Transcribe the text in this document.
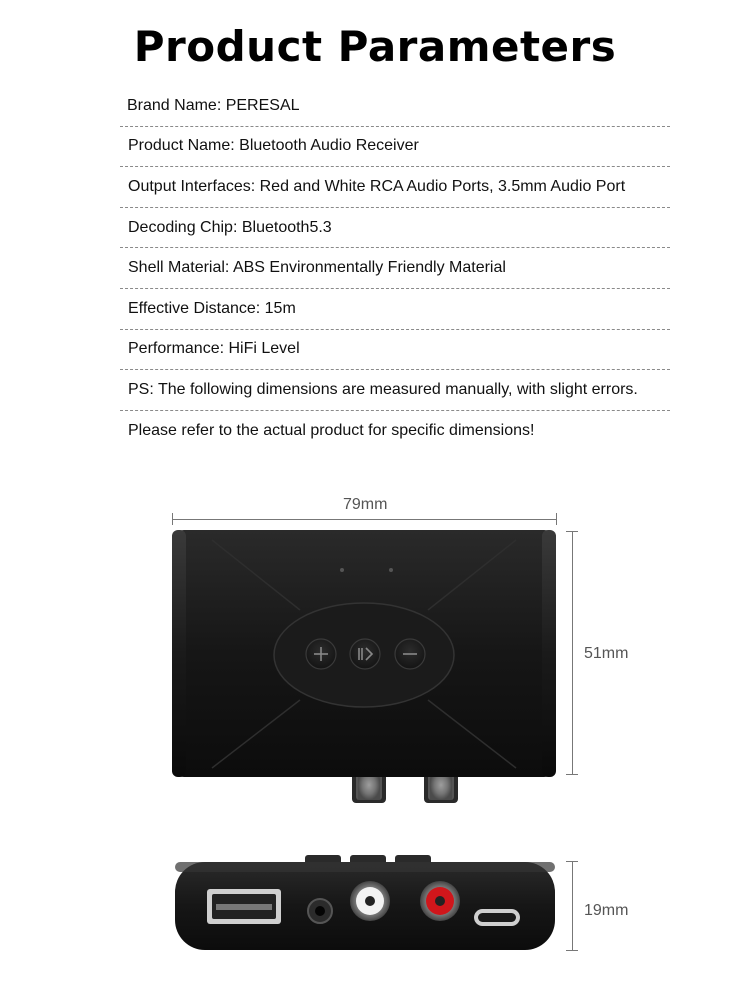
Product Parameters
Brand Name: PERESAL
Product Name: Bluetooth Audio Receiver
Output Interfaces: Red and White RCA Audio Ports, 3.5mm Audio Port
Decoding Chip: Bluetooth5.3
Shell Material: ABS Environmentally Friendly Material
Effective Distance: 15m
Performance: HiFi Level
PS: The following dimensions are measured manually, with slight errors.
Please refer to the actual product for specific dimensions!
79mm
51mm
19mm
